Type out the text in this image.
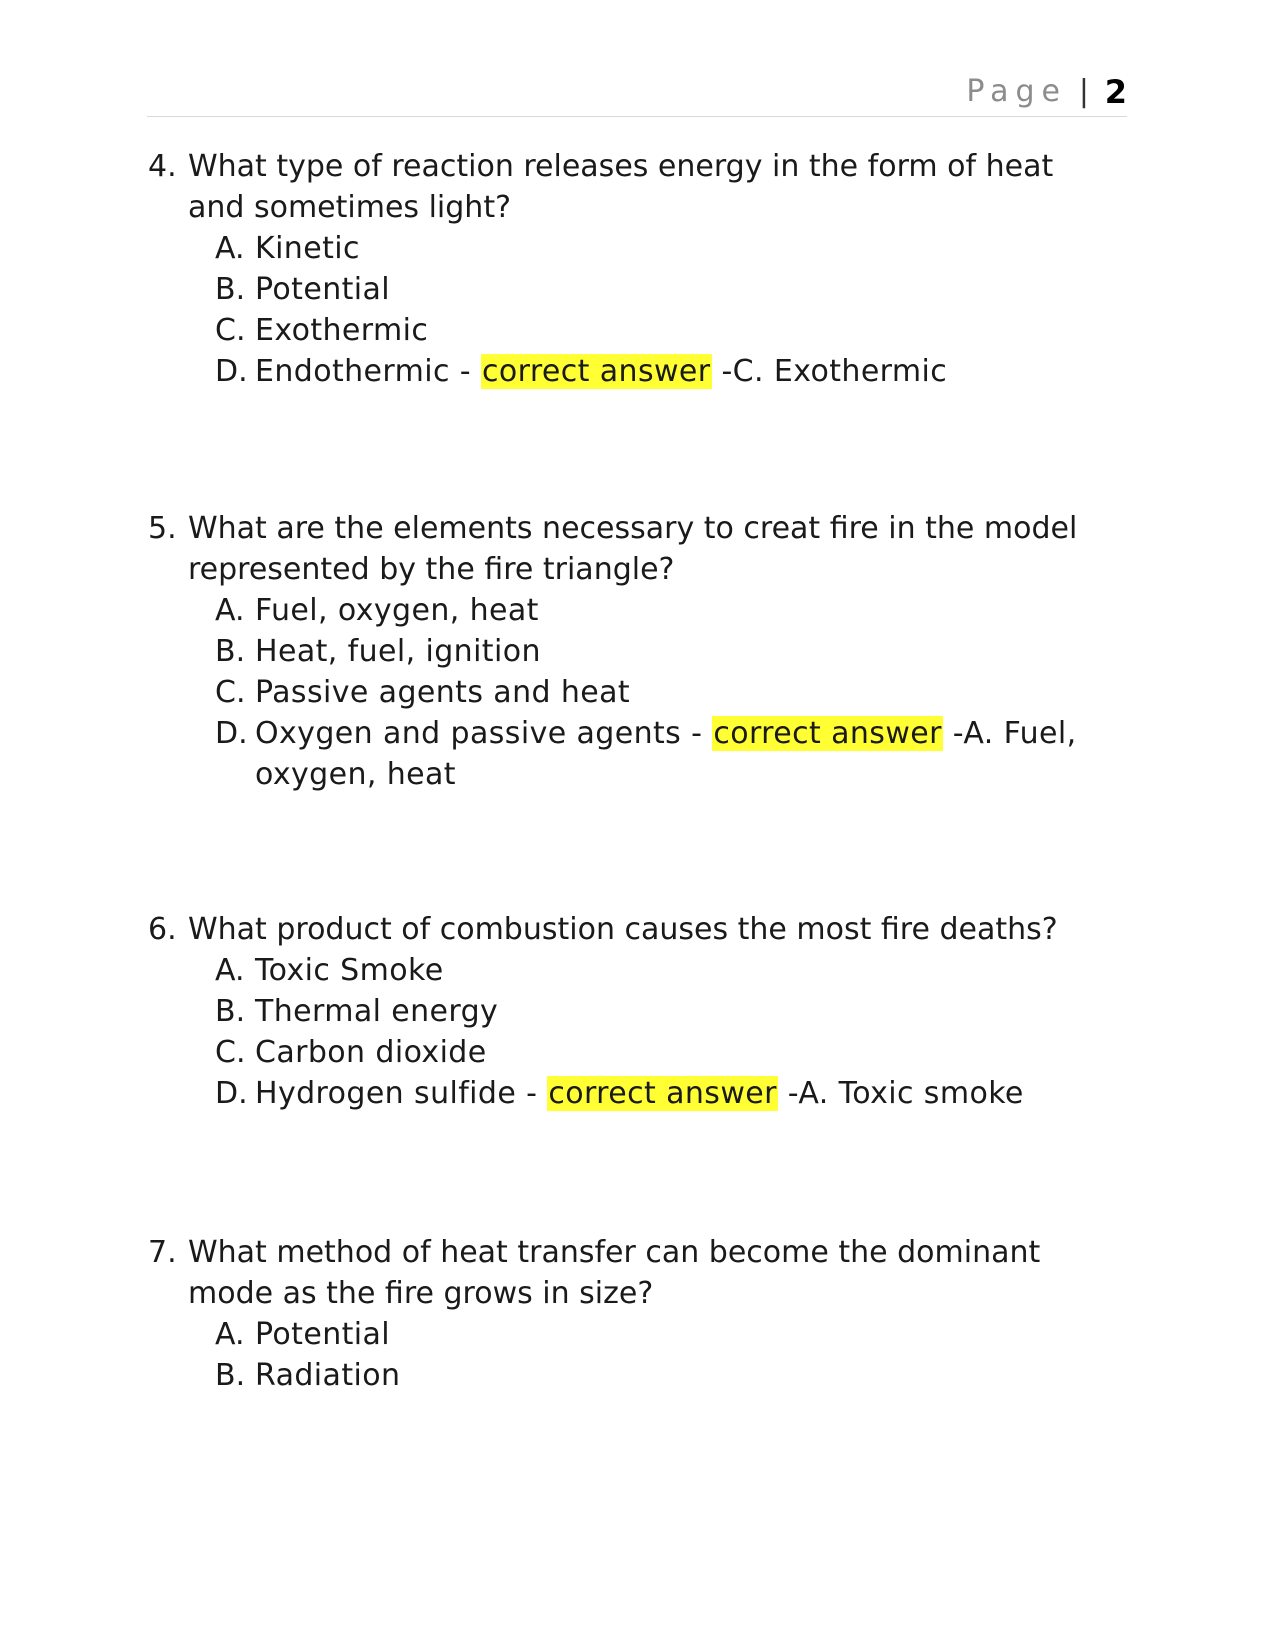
Page | 2
4. What type of reaction releases energy in the form of heat and sometimes light?
A. Kinetic
B. Potential
C. Exothermic
D. Endothermic - correct answer -C. Exothermic
5. What are the elements necessary to creat fire in the model represented by the fire triangle?
A. Fuel, oxygen, heat
B. Heat, fuel, ignition
C. Passive agents and heat
D. Oxygen and passive agents - correct answer -A. Fuel, oxygen, heat
6. What product of combustion causes the most fire deaths?
A. Toxic Smoke
B. Thermal energy
C. Carbon dioxide
D. Hydrogen sulfide - correct answer -A. Toxic smoke
7. What method of heat transfer can become the dominant mode as the fire grows in size?
A. Potential
B. Radiation
